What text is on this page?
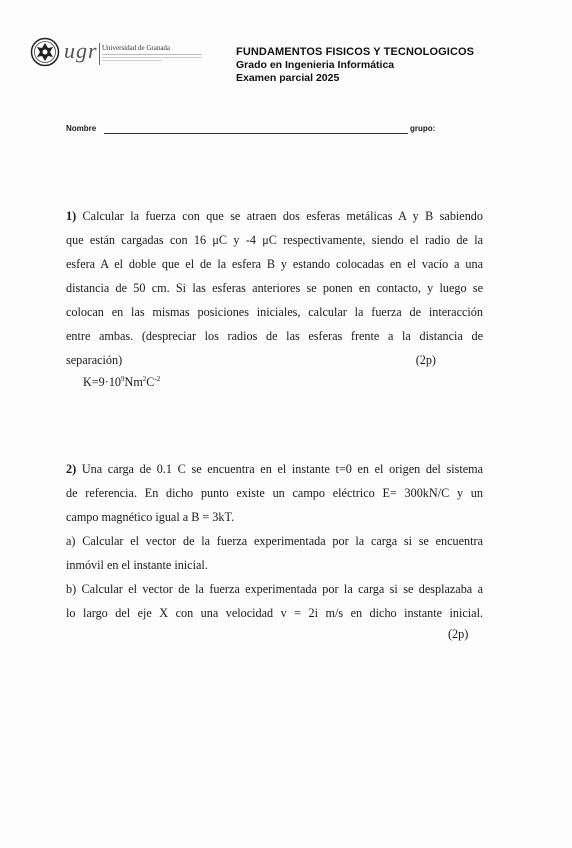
ugr Universidad de Granada	FUNDAMENTOS FISICOS Y TECNOLOGICOS
Grado en Ingenieria Informática
Examen parcial 2025
Nombre	grupo:
1) Calcular la fuerza con que se atraen dos esferas metálicas A y B sabiendo
que están cargadas con 16 μC y -4 μC respectivamente, siendo el radio de la
esfera A el doble que el de la esfera B y estando colocadas en el vacío a una
distancia de 50 cm. Si las esferas anteriores se ponen en contacto, y luego se
colocan en las mismas posiciones iniciales, calcular la fuerza de interacción
entre ambas. (despreciar los radios de las esferas frente a la distancia de
separación)	(2p)
$K=9\cdot 10^9Nm^2C^{-2}$
2) Una carga de 0.1 C se encuentra en el instante t=0 en el origen del sistema
de referencia. En dicho punto existe un campo eléctrico E= 300kN/C y un
campo magnético igual a B = 3kT.
a) Calcular el vector de la fuerza experimentada por la carga si se encuentra
inmóvil en el instante inicial.
b) Calcular el vector de la fuerza experimentada por la carga si se desplazaba a
lo largo del eje X con una velocidad v = 2i m/s en dicho instante inicial.
(2p)
